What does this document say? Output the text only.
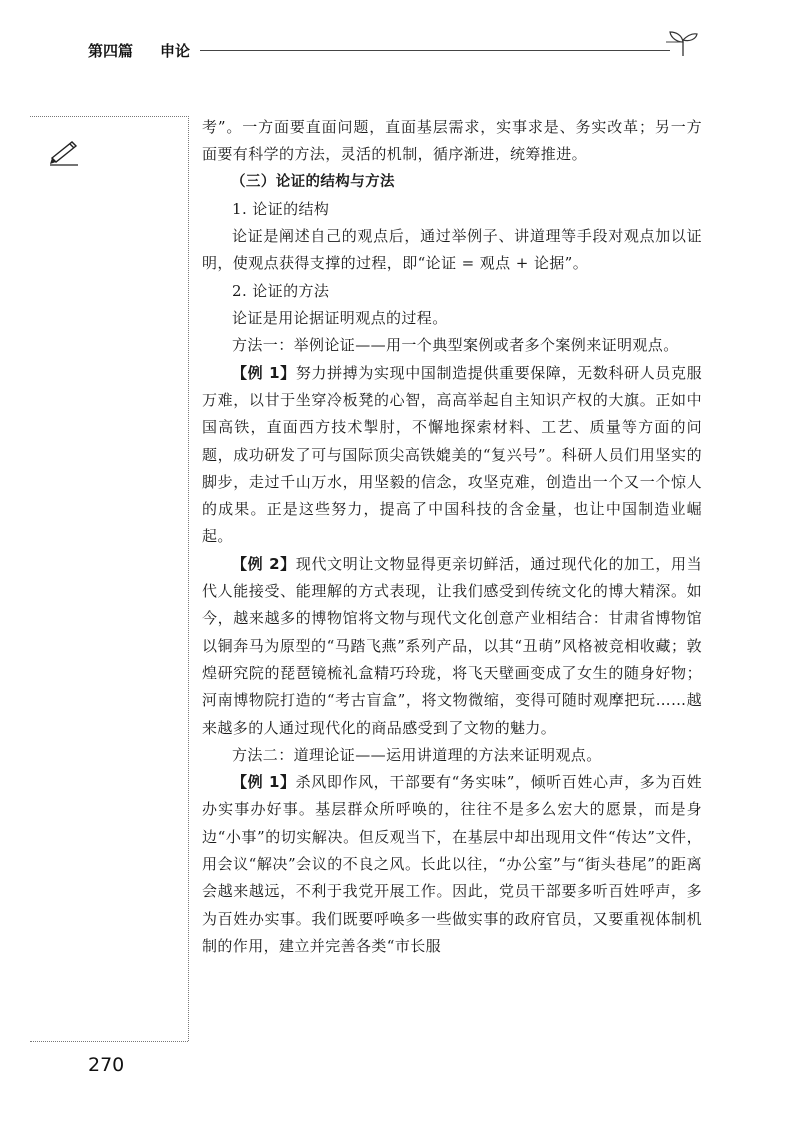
第四篇 申论

考”。一方面要直面问题，直面基层需求，实事求是、务实改革；另一方面要有科学的方法，灵活的机制，循序渐进，统筹推进。

（三）论证的结构与方法

1. 论证的结构

论证是阐述自己的观点后，通过举例子、讲道理等手段对观点加以证明，使观点获得支撑的过程，即“论证 = 观点 + 论据”。

2. 论证的方法

论证是用论据证明观点的过程。

方法一：举例论证——用一个典型案例或者多个案例来证明观点。

【例 1】努力拼搏为实现中国制造提供重要保障，无数科研人员克服万难，以甘于坐穿冷板凳的心智，高高举起自主知识产权的大旗。正如中国高铁，直面西方技术掣肘，不懈地探索材料、工艺、质量等方面的问题，成功研发了可与国际顶尖高铁媲美的“复兴号”。科研人员们用坚实的脚步，走过千山万水，用坚毅的信念，攻坚克难，创造出一个又一个惊人的成果。正是这些努力，提高了中国科技的含金量，也让中国制造业崛起。

【例 2】现代文明让文物显得更亲切鲜活，通过现代化的加工，用当代人能接受、能理解的方式表现，让我们感受到传统文化的博大精深。如今，越来越多的博物馆将文物与现代文化创意产业相结合：甘肃省博物馆以铜奔马为原型的“马踏飞燕”系列产品，以其“丑萌”风格被竞相收藏；敦煌研究院的琵琶镜梳礼盒精巧玲珑，将飞天壁画变成了女生的随身好物；河南博物院打造的“考古盲盒”，将文物微缩，变得可随时观摩把玩……越来越多的人通过现代化的商品感受到了文物的魅力。

方法二：道理论证——运用讲道理的方法来证明观点。

【例 1】杀风即作风，干部要有“务实味”，倾听百姓心声，多为百姓办实事办好事。基层群众所呼唤的，往往不是多么宏大的愿景，而是身边“小事”的切实解决。但反观当下，在基层中却出现用文件“传达”文件，用会议“解决”会议的不良之风。长此以往，“办公室”与“街头巷尾”的距离会越来越远，不利于我党开展工作。因此，党员干部要多听百姓呼声，多为百姓办实事。我们既要呼唤多一些做实事的政府官员，又要重视体制机制的作用，建立并完善各类“市长服

270
